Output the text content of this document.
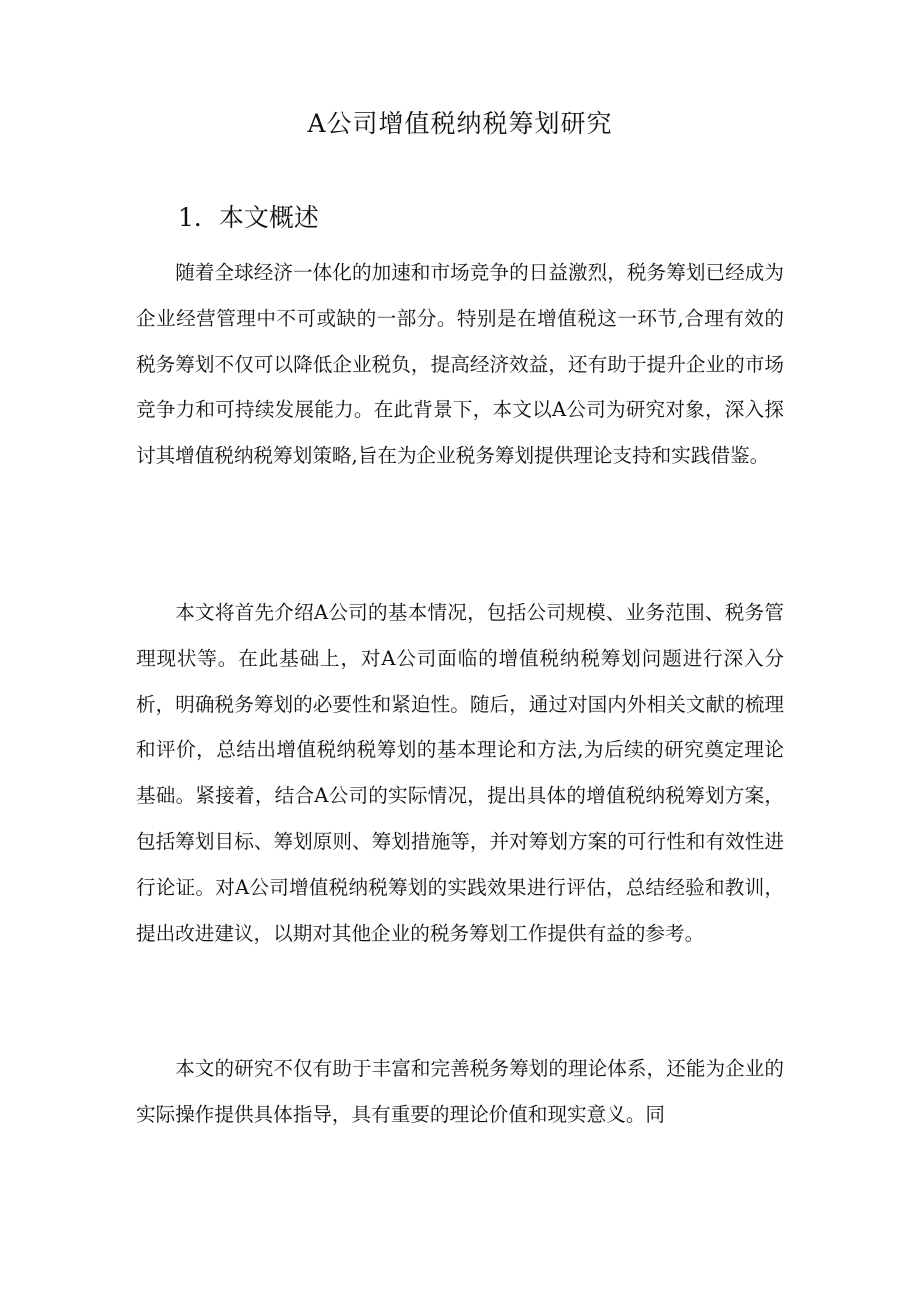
A公司增值税纳税筹划研究
1．本文概述

随着全球经济一体化的加速和市场竞争的日益激烈，税务筹划已经成为企业经营管理中不可或缺的一部分。特别是在增值税这一环节,合理有效的税务筹划不仅可以降低企业税负，提高经济效益，还有助于提升企业的市场竞争力和可持续发展能力。在此背景下，本文以A公司为研究对象，深入探讨其增值税纳税筹划策略,旨在为企业税务筹划提供理论支持和实践借鉴。

本文将首先介绍A公司的基本情况，包括公司规模、业务范围、税务管理现状等。在此基础上，对A公司面临的增值税纳税筹划问题进行深入分析，明确税务筹划的必要性和紧迫性。随后，通过对国内外相关文献的梳理和评价，总结出增值税纳税筹划的基本理论和方法,为后续的研究奠定理论基础。紧接着，结合A公司的实际情况，提出具体的增值税纳税筹划方案，包括筹划目标、筹划原则、筹划措施等，并对筹划方案的可行性和有效性进行论证。对A公司增值税纳税筹划的实践效果进行评估，总结经验和教训，提出改进建议，以期对其他企业的税务筹划工作提供有益的参考。

本文的研究不仅有助于丰富和完善税务筹划的理论体系，还能为企业的实际操作提供具体指导，具有重要的理论价值和现实意义。同
